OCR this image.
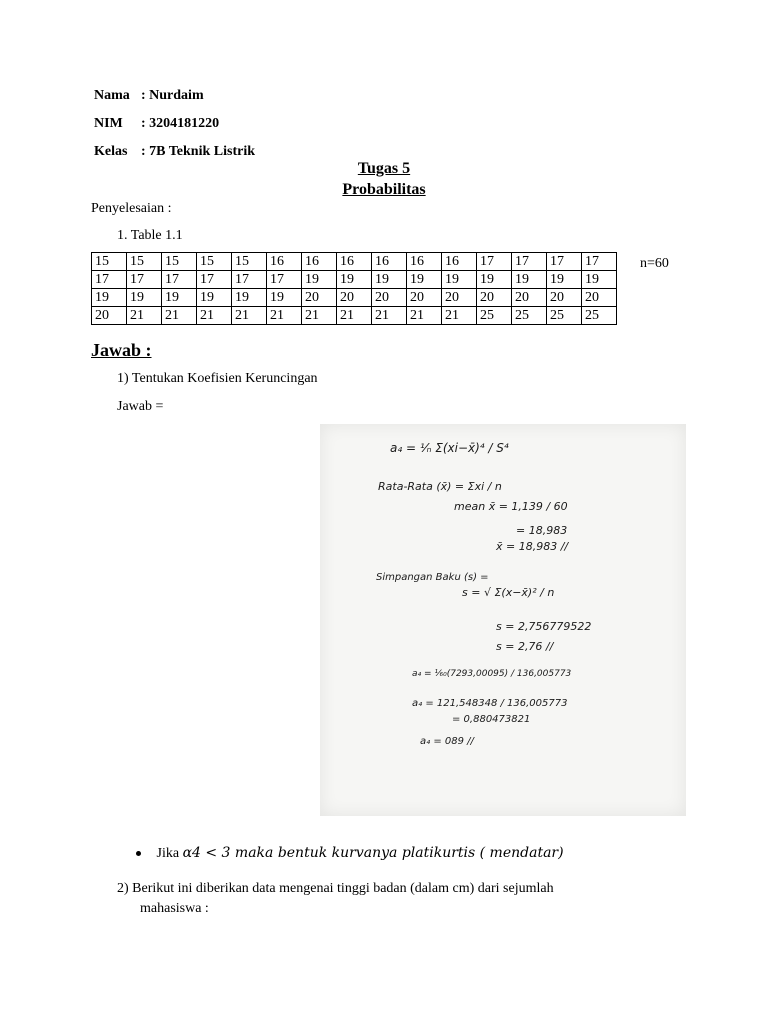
Nama : Nurdaim
NIM : 3204181220
Kelas : 7B Teknik Listrik
Tugas 5
Probabilitas
Penyelesaian :
1. Table 1.1
15	15	15	15	15	16	16	16	16	16	16	17	17	17	17
17	17	17	17	17	17	19	19	19	19	19	19	19	19	19
19	19	19	19	19	19	20	20	20	20	20	20	20	20	20
20	21	21	21	21	21	21	21	21	21	21	25	25	25	25
n=60
Jawab :
1) Tentukan Koefisien Keruncingan
Jawab =
a₄ = ¹⁄ₙ Σ(xi−x̄)⁴ / S⁴
Rata-Rata (x̄) = Σxi / n
mean x̄ = 1,139 / 60
= 18,983
x̄ = 18,983 //
Simpangan Baku (s) =
s = √ Σ(x−x̄)² / n
s = 2,756779522
s = 2,76 //
a₄ = ¹⁄₆₀(7293,00095) / 136,005773
a₄ = 121,548348 / 136,005773
= 0,880473821
a₄ = 089 //
Jika α4 < 3 maka bentuk kurvanya platikurtis ( mendatar)
2) Berikut ini diberikan data mengenai tinggi badan (dalam cm) dari sejumlah
mahasiswa :
